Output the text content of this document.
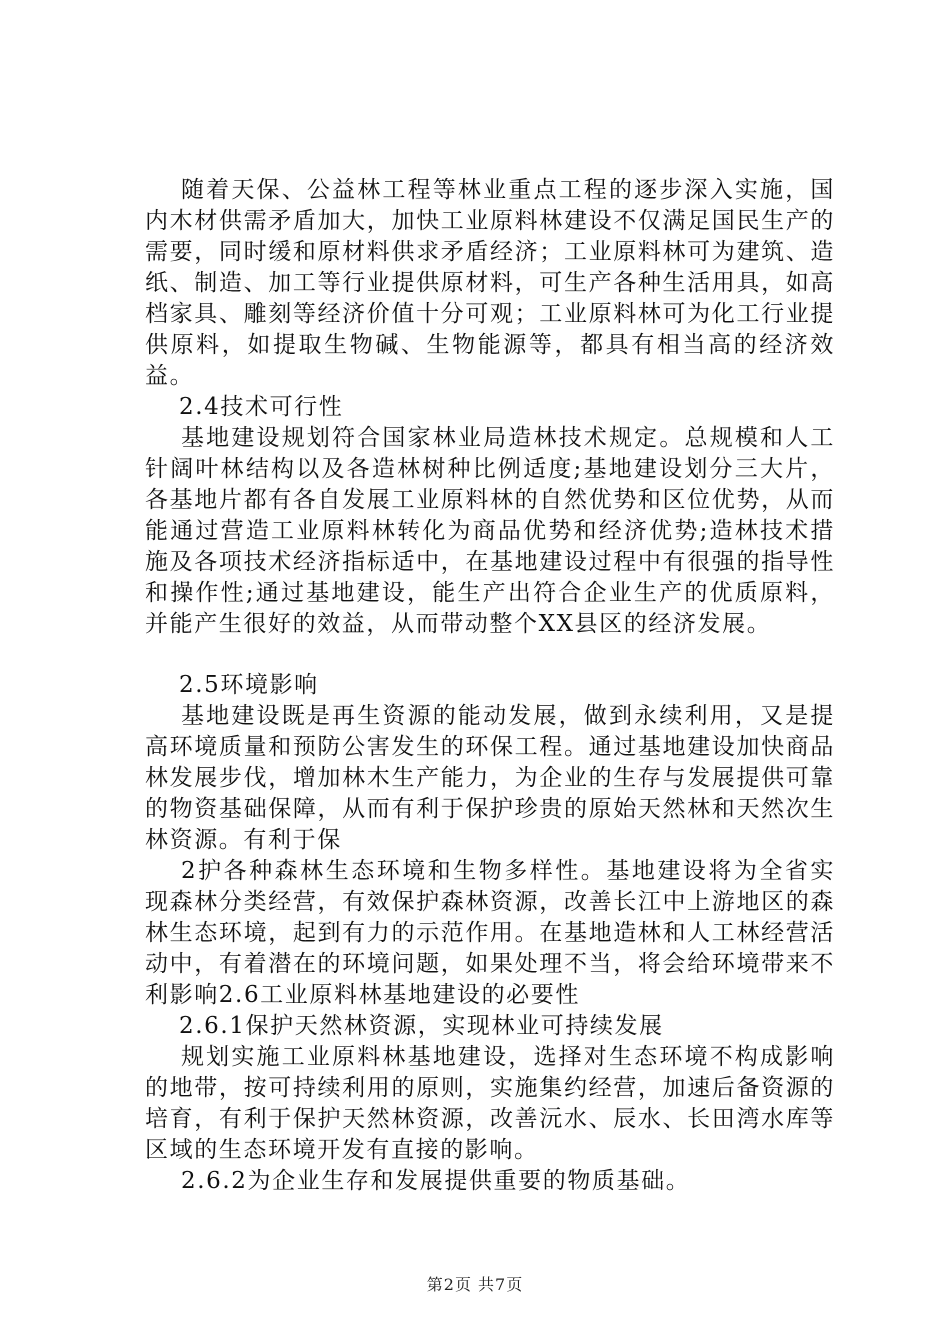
随着天保、公益林工程等林业重点工程的逐步深入实施，国内木材供需矛盾加大，加快工业原料林建设不仅满足国民生产的需要，同时缓和原材料供求矛盾经济；工业原料林可为建筑、造纸、制造、加工等行业提供原材料，可生产各种生活用具，如高档家具、雕刻等经济价值十分可观；工业原料林可为化工行业提供原料，如提取生物碱、生物能源等，都具有相当高的经济效益。

2.4技术可行性

基地建设规划符合国家林业局造林技术规定。总规模和人工针阔叶林结构以及各造林树种比例适度;基地建设划分三大片，各基地片都有各自发展工业原料林的自然优势和区位优势，从而能通过营造工业原料林转化为商品优势和经济优势;造林技术措施及各项技术经济指标适中，在基地建设过程中有很强的指导性和操作性;通过基地建设，能生产出符合企业生产的优质原料，并能产生很好的效益，从而带动整个XX县区的经济发展。

2.5环境影响

基地建设既是再生资源的能动发展，做到永续利用，又是提高环境质量和预防公害发生的环保工程。通过基地建设加快商品林发展步伐，增加林木生产能力，为企业的生存与发展提供可靠的物资基础保障，从而有利于保护珍贵的原始天然林和天然次生林资源。有利于保

2护各种森林生态环境和生物多样性。基地建设将为全省实现森林分类经营，有效保护森林资源，改善长江中上游地区的森林生态环境，起到有力的示范作用。在基地造林和人工林经营活动中，有着潜在的环境问题，如果处理不当，将会给环境带来不利影响2.6工业原料林基地建设的必要性

2.6.1保护天然林资源，实现林业可持续发展

规划实施工业原料林基地建设，选择对生态环境不构成影响的地带，按可持续利用的原则，实施集约经营，加速后备资源的培育，有利于保护天然林资源，改善沅水、辰水、长田湾水库等区域的生态环境开发有直接的影响。

2.6.2为企业生存和发展提供重要的物质基础。

第2页 共7页
